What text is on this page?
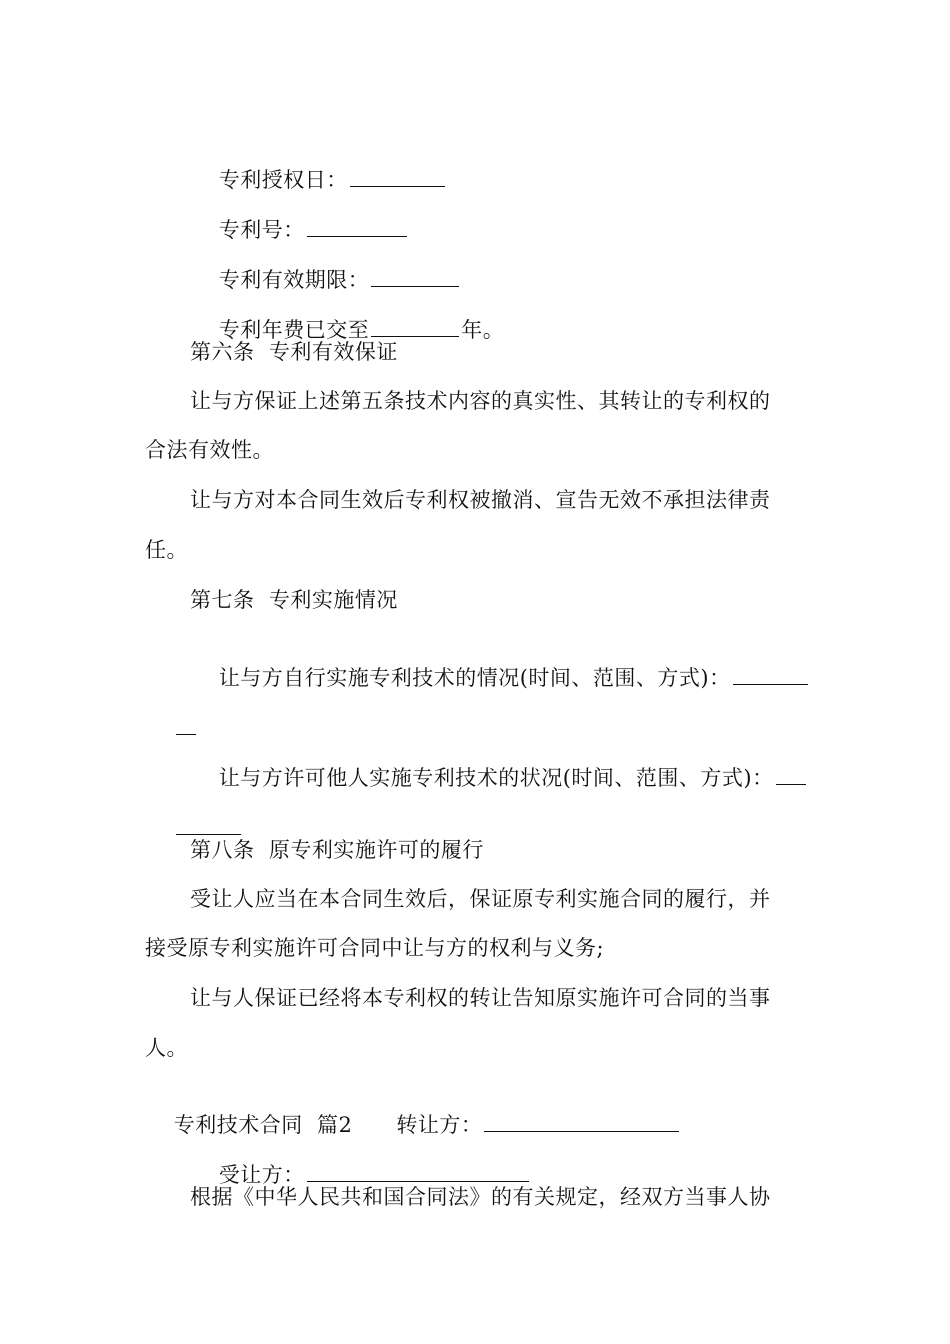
专利授权日：

专利号：

专利有效期限：

专利年费已交至	年。

第六条  专利有效保证
让与方保证上述第五条技术内容的真实性、其转让的专利权的
合法有效性。
让与方对本合同生效后专利权被撤消、宣告无效不承担法律责
任。
第七条  专利实施情况

让与方自行实施专利技术的情况(时间、范围、方式)：

让与方许可他人实施专利技术的状况(时间、范围、方式)：

第八条  原专利实施许可的履行
受让人应当在本合同生效后，保证原专利实施合同的履行，并
接受原专利实施许可合同中让与方的权利与义务;
让与人保证已经将本专利权的转让告知原实施许可合同的当事
人。

专利技术合同  篇2 转让方：

受让方：

根据《中华人民共和国合同法》的有关规定，经双方当事人协
